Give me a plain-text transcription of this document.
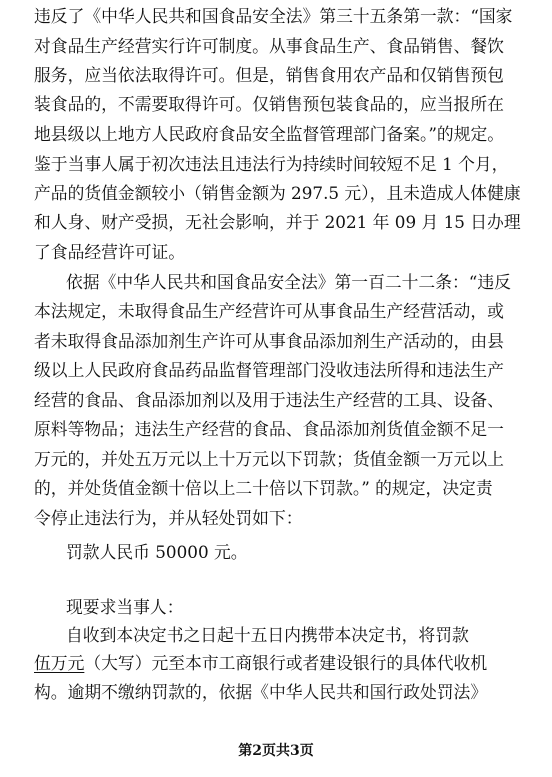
违反了《中华人民共和国食品安全法》第三十五条第一款：“国家
对食品生产经营实行许可制度。从事食品生产、食品销售、餐饮
服务，应当依法取得许可。但是，销售食用农产品和仅销售预包
装食品的，不需要取得许可。仅销售预包装食品的，应当报所在
地县级以上地方人民政府食品安全监督管理部门备案。”的规定。
鉴于当事人属于初次违法且违法行为持续时间较短不足 1 个月，
产品的货值金额较小（销售金额为 297.5 元），且未造成人体健康
和人身、财产受损，无社会影响，并于 2021 年 09 月 15 日办理
了食品经营许可证。
依据《中华人民共和国食品安全法》第一百二十二条：“违反
本法规定，未取得食品生产经营许可从事食品生产经营活动，或
者未取得食品添加剂生产许可从事食品添加剂生产活动的，由县
级以上人民政府食品药品监督管理部门没收违法所得和违法生产
经营的食品、食品添加剂以及用于违法生产经营的工具、设备、
原料等物品；违法生产经营的食品、食品添加剂货值金额不足一
万元的，并处五万元以上十万元以下罚款；货值金额一万元以上
的，并处货值金额十倍以上二十倍以下罚款。” 的规定，决定责
令停止违法行为，并从轻处罚如下：
罚款人民币 50000 元。
现要求当事人：
自收到本决定书之日起十五日内携带本决定书，将罚款
伍万元（大写）元至本市工商银行或者建设银行的具体代收机
构。逾期不缴纳罚款的，依据《中华人民共和国行政处罚法》
第2页共3页
